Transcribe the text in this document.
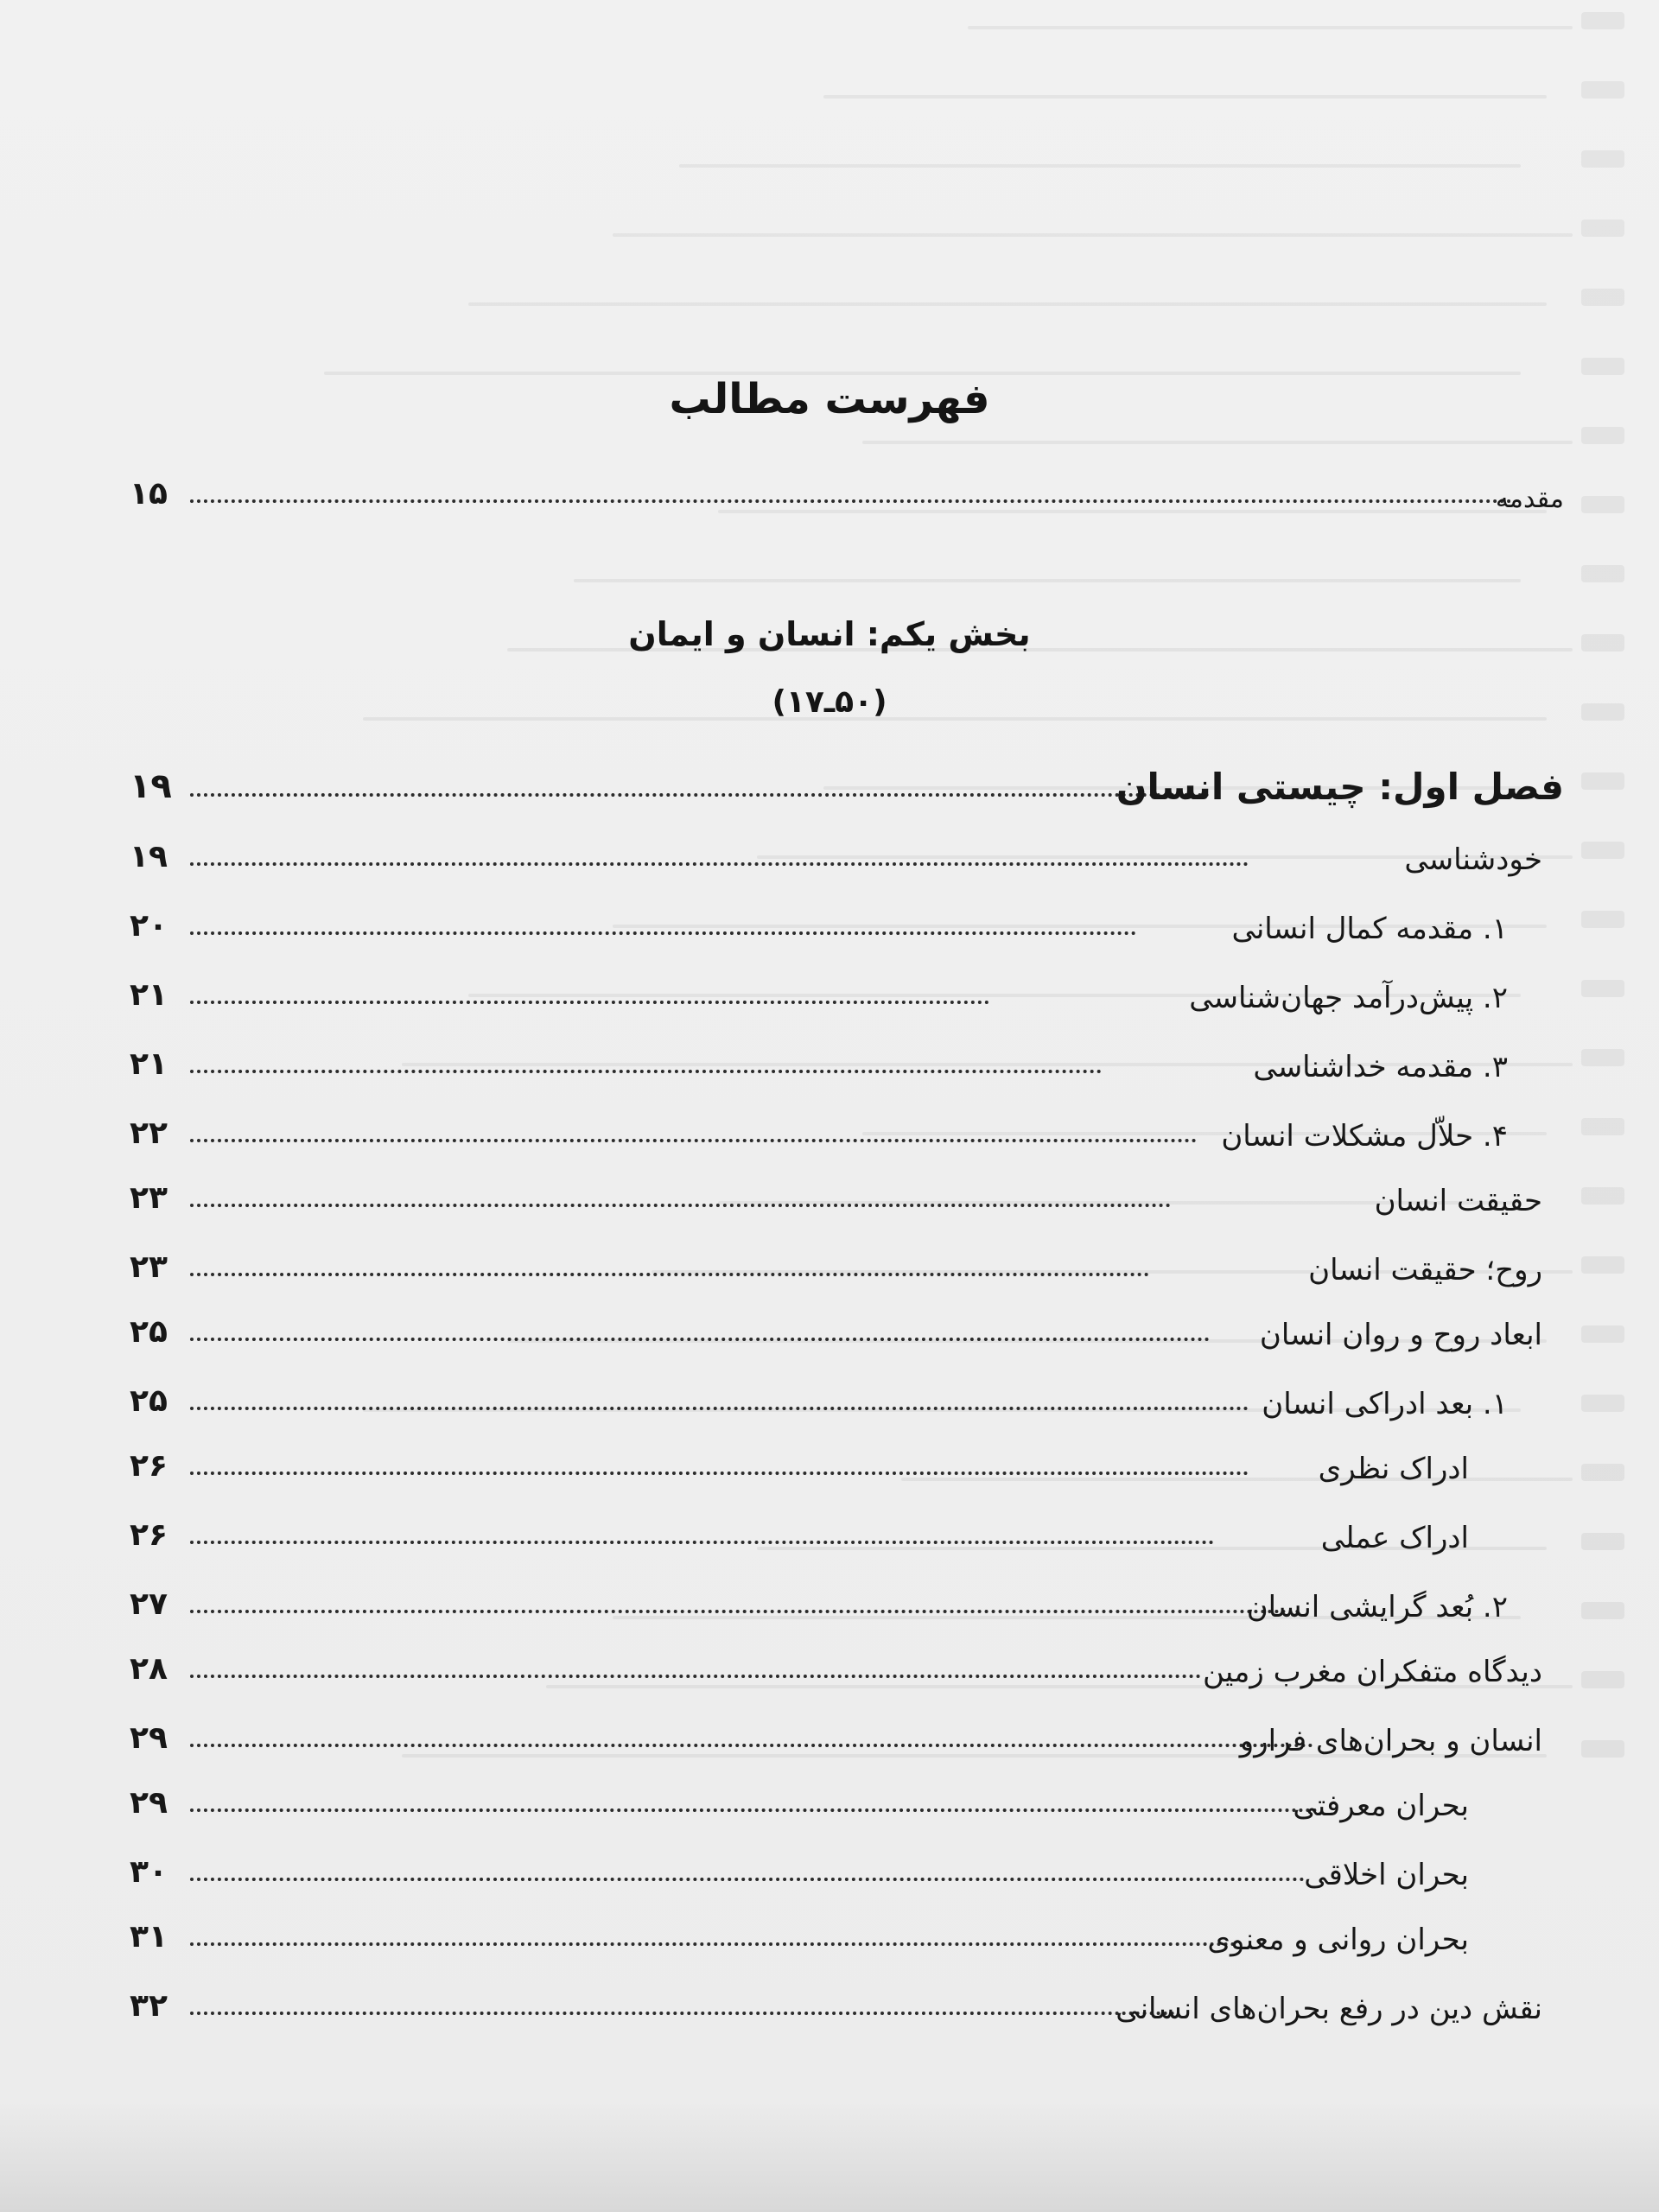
فهرست مطالب
۱۵	مقدمه
بخش یکم: انسان و ایمان
(۵۰ـ۱۷)
۱۹	فصل اول: چیستی انسان
۱۹	خودشناسی
۲۰	۱. مقدمه کمال انسانی
۲۱	۲. پیش‌درآمد جهان‌شناسی
۲۱	۳. مقدمه خداشناسی
۲۲	۴. حلاّل مشکلات انسان
۲۳	حقیقت انسان
۲۳	روح؛ حقیقت انسان
۲۵	ابعاد روح و روان انسان
۲۵	۱. بعد ادراکی انسان
۲۶	ادراک نظری
۲۶	ادراک عملی
۲۷	۲. بُعد گرایشی انسان
۲۸	دیدگاه متفکران مغرب زمین
۲۹	انسان و بحران‌های فرارو
۲۹	بحران معرفتی
۳۰	بحران اخلاقی
۳۱	بحران روانی و معنوی
۳۲	نقش دین در رفع بحران‌های انسانی
